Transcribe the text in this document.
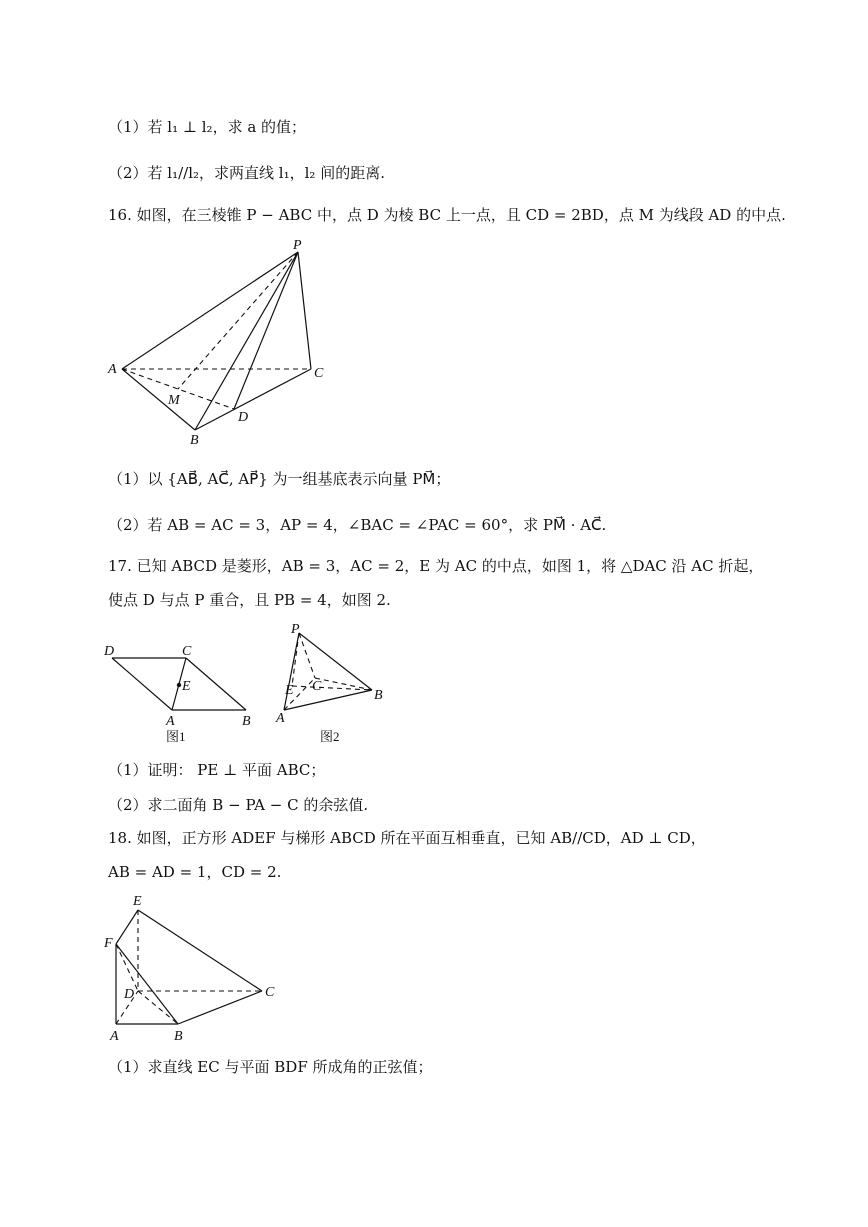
（1）若 l₁ ⊥ l₂，求 a 的值；
（2）若 l₁//l₂，求两直线 l₁，l₂ 间的距离.
16. 如图，在三棱锥 P − ABC 中，点 D 为棱 BC 上一点，且 CD = 2BD，点 M 为线段 AD 的中点.
P
A	C
M
D
B
（1）以 {AB⃗, AC⃗, AP⃗} 为一组基底表示向量 PM⃗；
（2）若 AB = AC = 3，AP = 4，∠BAC = ∠PAC = 60°，求 PM⃗ · AC⃗.
17. 已知 ABCD 是菱形，AB = 3，AC = 2，E 为 AC 的中点，如图 1，将 △DAC 沿 AC 折起，
使点 D 与点 P 重合，且 PB = 4，如图 2.
D	C
E
A	B
图1
P
E C
B
A
图2
（1）证明： PE ⊥ 平面 ABC；
（2）求二面角 B − PA − C 的余弦值.
18. 如图，正方形 ADEF 与梯形 ABCD 所在平面互相垂直，已知 AB//CD，AD ⊥ CD，
AB = AD = 1，CD = 2.
E
F
D	C
A	B
（1）求直线 EC 与平面 BDF 所成角的正弦值；
